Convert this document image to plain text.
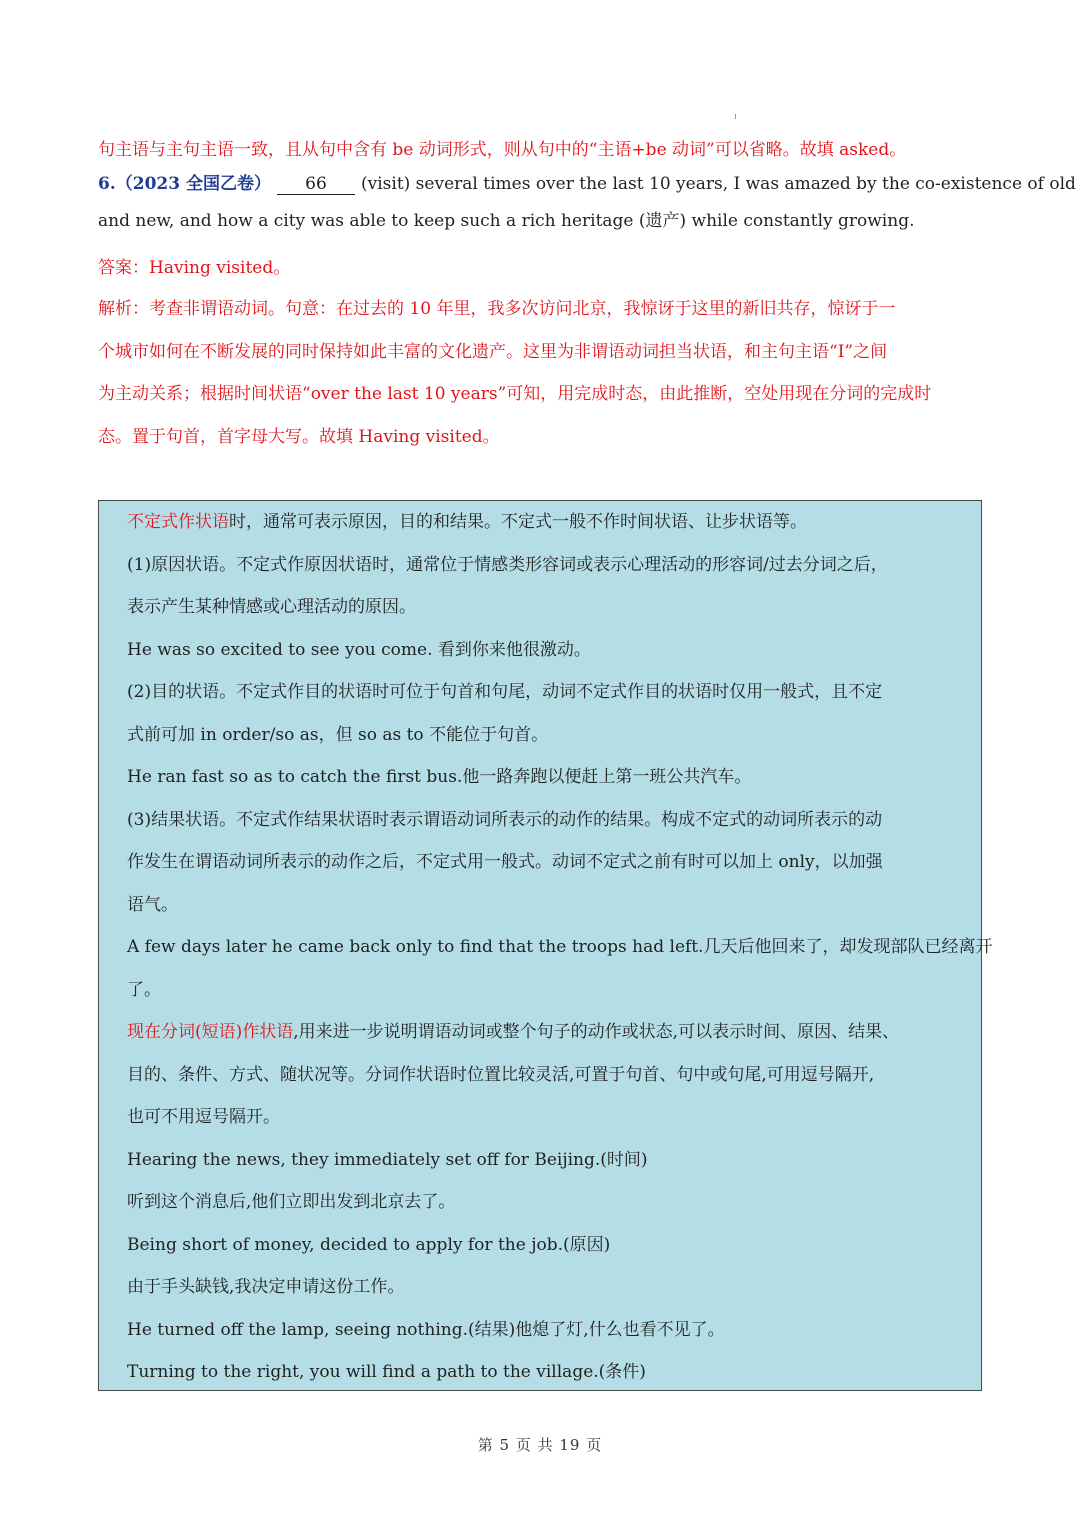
句主语与主句主语一致，且从句中含有 be 动词形式，则从句中的“主语+be 动词”可以省略。故填 asked。
6.（2023 全国乙卷） 66 (visit) several times over the last 10 years, I was amazed by the co-existence of old
and new, and how a city was able to keep such a rich heritage (遗产) while constantly growing.
答案：Having visited。
解析：考查非谓语动词。句意：在过去的 10 年里，我多次访问北京，我惊讶于这里的新旧共存，惊讶于一
个城市如何在不断发展的同时保持如此丰富的文化遗产。这里为非谓语动词担当状语，和主句主语“I”之间
为主动关系；根据时间状语“over the last 10 years”可知，用完成时态，由此推断，空处用现在分词的完成时
态。置于句首，首字母大写。故填 Having visited。
不定式作状语时，通常可表示原因，目的和结果。不定式一般不作时间状语、让步状语等。
(1)原因状语。不定式作原因状语时，通常位于情感类形容词或表示心理活动的形容词/过去分词之后，
表示产生某种情感或心理活动的原因。
He was so excited to see you come. 看到你来他很激动。
(2)目的状语。不定式作目的状语时可位于句首和句尾，动词不定式作目的状语时仅用一般式，且不定
式前可加 in order/so as，但 so as to 不能位于句首。
He ran fast so as to catch the first bus.他一路奔跑以便赶上第一班公共汽车。
(3)结果状语。不定式作结果状语时表示谓语动词所表示的动作的结果。构成不定式的动词所表示的动
作发生在谓语动词所表示的动作之后，不定式用一般式。动词不定式之前有时可以加上 only，以加强
语气。
A few days later he came back only to find that the troops had left.几天后他回来了，却发现部队已经离开
了。
现在分词(短语)作状语,用来进一步说明谓语动词或整个句子的动作或状态,可以表示时间、原因、结果、
目的、条件、方式、随状况等。分词作状语时位置比较灵活,可置于句首、句中或句尾,可用逗号隔开,
也可不用逗号隔开。
Hearing the news, they immediately set off for Beijing.(时间)
听到这个消息后,他们立即出发到北京去了。
Being short of money, decided to apply for the job.(原因)
由于手头缺钱,我决定申请这份工作。
He turned off the lamp, seeing nothing.(结果)他熄了灯,什么也看不见了。
Turning to the right, you will find a path to the village.(条件)
第 5 页 共 19 页
